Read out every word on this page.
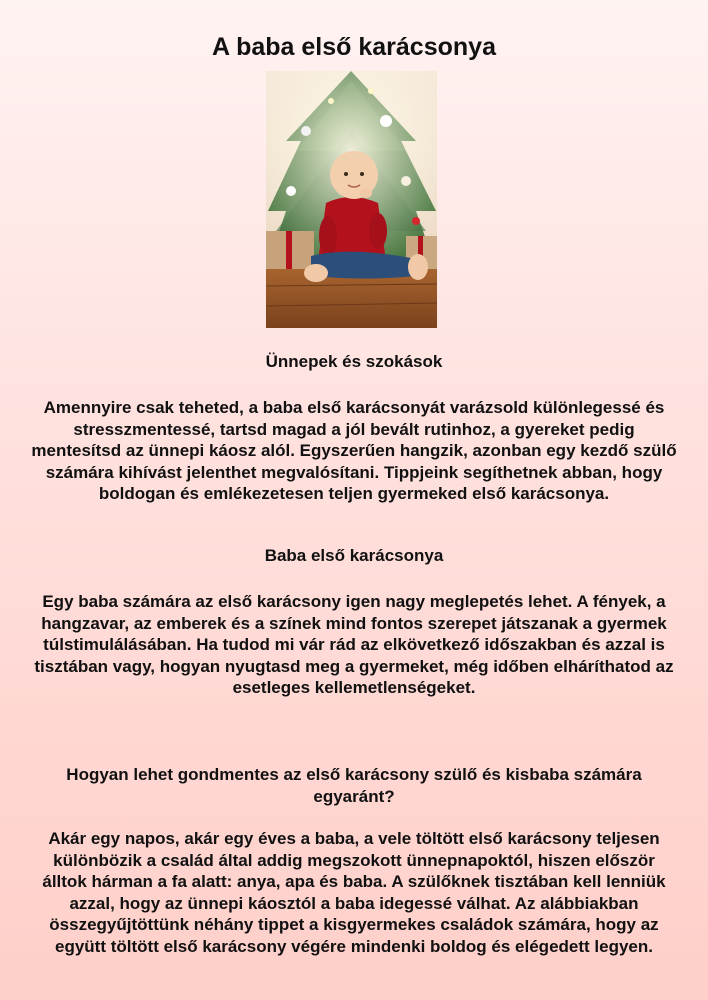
A baba első karácsonya

Ünnepek és szokások

Amennyire csak teheted, a baba első karácsonyát varázsold különlegessé és stresszmentessé, tartsd magad a jól bevált rutinhoz, a gyereket pedig mentesítsd az ünnepi káosz alól. Egyszerűen hangzik, azonban egy kezdő szülő számára kihívást jelenthet megvalósítani. Tippjeink segíthetnek abban, hogy boldogan és emlékezetesen teljen gyermeked első karácsonya.

Baba első karácsonya

Egy baba számára az első karácsony igen nagy meglepetés lehet. A fények, a hangzavar, az emberek és a színek mind fontos szerepet játszanak a gyermek túlstimulálásában. Ha tudod mi vár rád az elkövetkező időszakban és azzal is tisztában vagy, hogyan nyugtasd meg a gyermeket, még időben elháríthatod az esetleges kellemetlenségeket.

Hogyan lehet gondmentes az első karácsony szülő és kisbaba számára egyaránt?

Akár egy napos, akár egy éves a baba, a vele töltött első karácsony teljesen különbözik a család által addig megszokott ünnepnapoktól, hiszen először álltok hárman a fa alatt: anya, apa és baba. A szülőknek tisztában kell lenniük azzal, hogy az ünnepi káosztól a baba idegessé válhat. Az alábbiakban összegyűjtöttünk néhány tippet a kisgyermekes családok számára, hogy az együtt töltött első karácsony végére mindenki boldog és elégedett legyen.
